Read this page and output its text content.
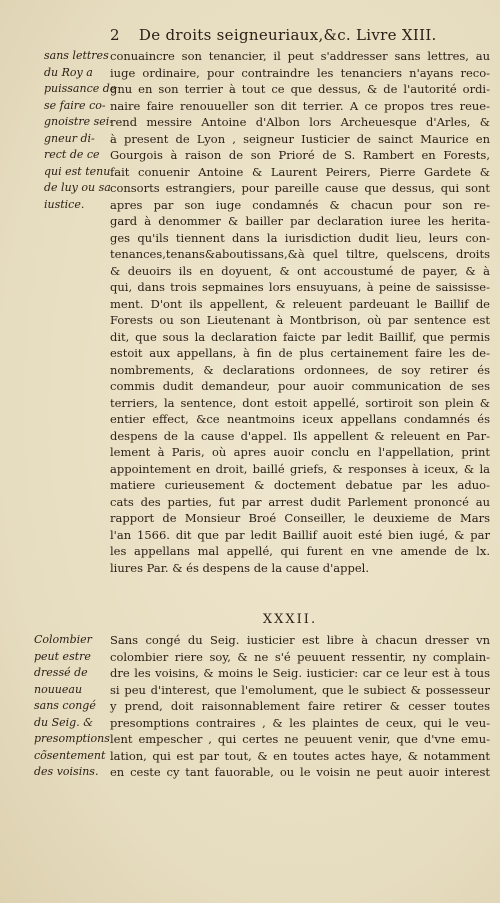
2 De droits seigneuriaux,&c. Livre XIII.
sans lettres
du Roy a
puissance de
se faire co-
gnoistre sei-
gneur di-
rect de ce
qui est tenu
de luy ou sa
iustice.
conuaincre son tenancier, il peut s'addresser sans lettres, au
iuge ordinaire, pour contraindre les tenanciers n'ayans reco-
gnu en son terrier à tout ce que dessus, & de l'autorité ordi-
naire faire renouueller son dit terrier. A ce propos tres reue-
rend messire Antoine d'Albon lors Archeuesque d'Arles, &
à present de Lyon , seigneur Iusticier de sainct Maurice en
Gourgois à raison de son Prioré de S. Rambert en Forests,
fait conuenir Antoine & Laurent Peirers, Pierre Gardete &
consorts estrangiers, pour pareille cause que dessus, qui sont
apres par son iuge condamnés & chacun pour son re-
gard à denommer & bailler par declaration iuree les herita-
ges qu'ils tiennent dans la iurisdiction dudit lieu, leurs con-
tenances,tenans&aboutissans,&à quel tiltre, quelscens, droits
& deuoirs ils en doyuent, & ont accoustumé de payer, & à
qui, dans trois sepmaines lors ensuyuans, à peine de saississe-
ment. D'ont ils appellent, & releuent pardeuant le Baillif de
Forests ou son Lieutenant à Montbrison, où par sentence est
dit, que sous la declaration faicte par ledit Baillif, que permis
estoit aux appellans, à fin de plus certainement faire les de-
nombrements, & declarations ordonnees, de soy retirer és
commis dudit demandeur, pour auoir communication de ses
terriers, la sentence, dont estoit appellé, sortiroit son plein &
entier effect, &ce neantmoins iceux appellans condamnés és
despens de la cause d'appel. Ils appellent & releuent en Par-
lement à Paris, où apres auoir conclu en l'appellation, print
appointement en droit, baillé griefs, & responses à iceux, & la
matiere curieusement & doctement debatue par les aduo-
cats des parties, fut par arrest dudit Parlement prononcé au
rapport de Monsieur Broé Conseiller, le deuxieme de Mars
l'an 1566. dit que par ledit Baillif auoit esté bien iugé, & par
les appellans mal appellé, qui furent en vne amende de lx.
liures Par. & és despens de la cause d'appel.
XXXII.
Colombier
peut estre
dressé de
nouueau
sans congé
du Seig. &
presomptions
cõsentement
des voisins.
Sans congé du Seig. iusticier est libre à chacun dresser vn
colombier riere soy, & ne s'é peuuent ressentir, ny complain-
dre les voisins, & moins le Seig. iusticier: car ce leur est à tous
si peu d'interest, que l'emolument, que le subiect & possesseur
y prend, doit raisonnablement faire retirer & cesser toutes
presomptions contraires , & les plaintes de ceux, qui le veu-
lent empescher , qui certes ne peuuent venir, que d'vne emu-
lation, qui est par tout, & en toutes actes haye, & notamment
en ceste cy tant fauorable, ou le voisin ne peut auoir interest
